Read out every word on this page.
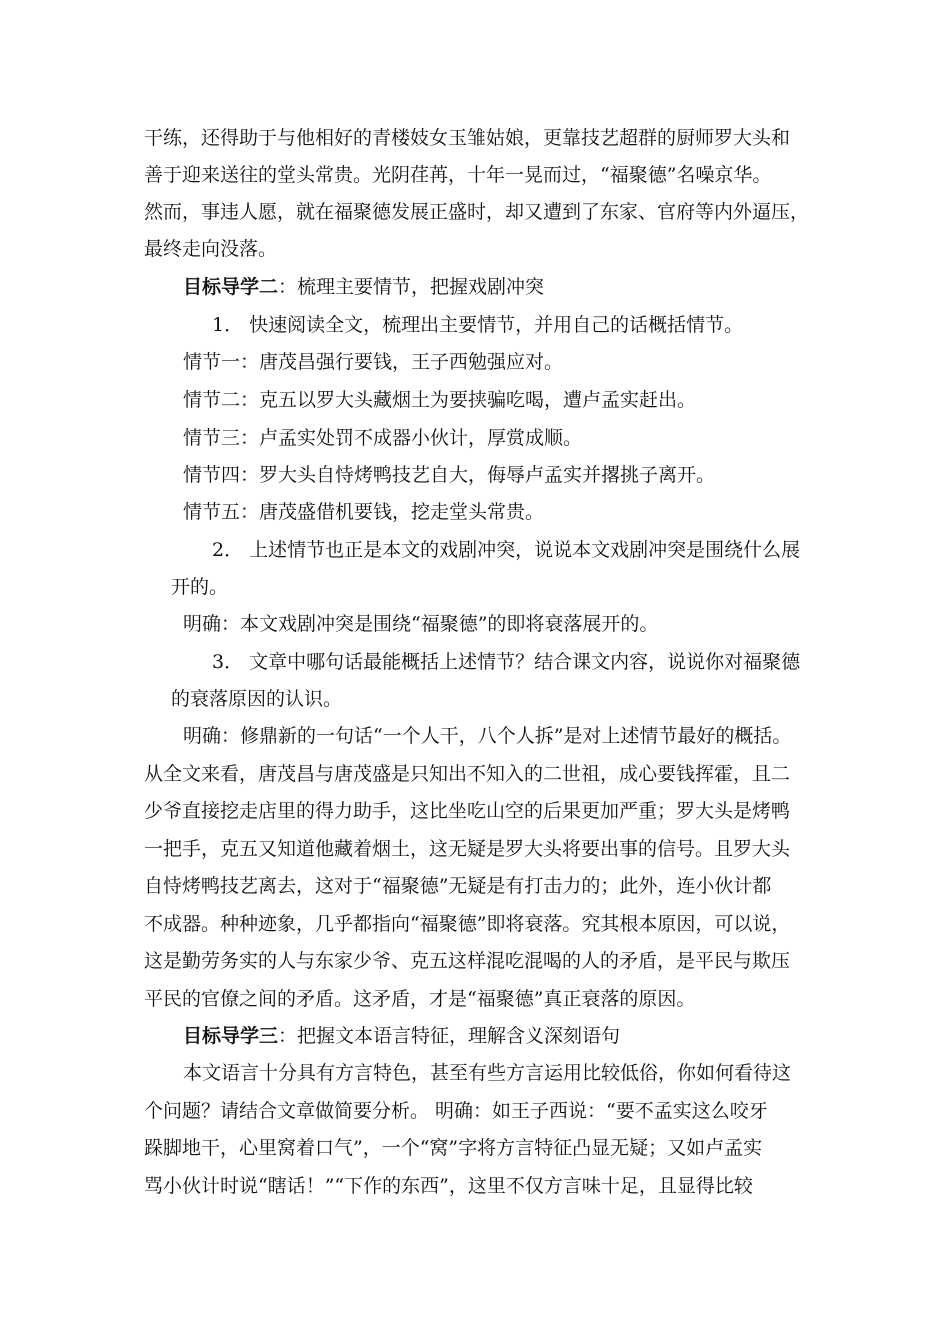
干练，还得助于与他相好的青楼妓女玉雏姑娘，更靠技艺超群的厨师罗大头和
善于迎来送往的堂头常贵。光阴荏苒，十年一晃而过，“福聚德”名噪京华。
然而，事违人愿，就在福聚德发展正盛时，却又遭到了东家、官府等内外逼压，
最终走向没落。
目标导学二：梳理主要情节，把握戏剧冲突
1． 快速阅读全文，梳理出主要情节，并用自己的话概括情节。
情节一：唐茂昌强行要钱，王子西勉强应对。
情节二：克五以罗大头藏烟土为要挟骗吃喝，遭卢孟实赶出。
情节三：卢孟实处罚不成器小伙计，厚赏成顺。
情节四：罗大头自恃烤鸭技艺自大，侮辱卢孟实并撂挑子离开。
情节五：唐茂盛借机要钱，挖走堂头常贵。
2． 上述情节也正是本文的戏剧冲突，说说本文戏剧冲突是围绕什么展
开的。
明确：本文戏剧冲突是围绕“福聚德”的即将衰落展开的。
3． 文章中哪句话最能概括上述情节？结合课文内容，说说你对福聚德
的衰落原因的认识。
明确：修鼎新的一句话“一个人干，八个人拆”是对上述情节最好的概括。
从全文来看，唐茂昌与唐茂盛是只知出不知入的二世祖，成心要钱挥霍，且二
少爷直接挖走店里的得力助手，这比坐吃山空的后果更加严重；罗大头是烤鸭
一把手，克五又知道他藏着烟土，这无疑是罗大头将要出事的信号。且罗大头
自恃烤鸭技艺离去，这对于“福聚德”无疑是有打击力的；此外，连小伙计都
不成器。种种迹象，几乎都指向“福聚德”即将衰落。究其根本原因，可以说，
这是勤劳务实的人与东家少爷、克五这样混吃混喝的人的矛盾，是平民与欺压
平民的官僚之间的矛盾。这矛盾，才是“福聚德”真正衰落的原因。
目标导学三：把握文本语言特征，理解含义深刻语句
本文语言十分具有方言特色，甚至有些方言运用比较低俗，你如何看待这
个问题？请结合文章做简要分析。 明确：如王子西说：“要不孟实这么咬牙
跺脚地干，心里窝着口气”，一个“窝”字将方言特征凸显无疑；又如卢孟实
骂小伙计时说“瞎话！”“下作的东西”，这里不仅方言味十足，且显得比较
